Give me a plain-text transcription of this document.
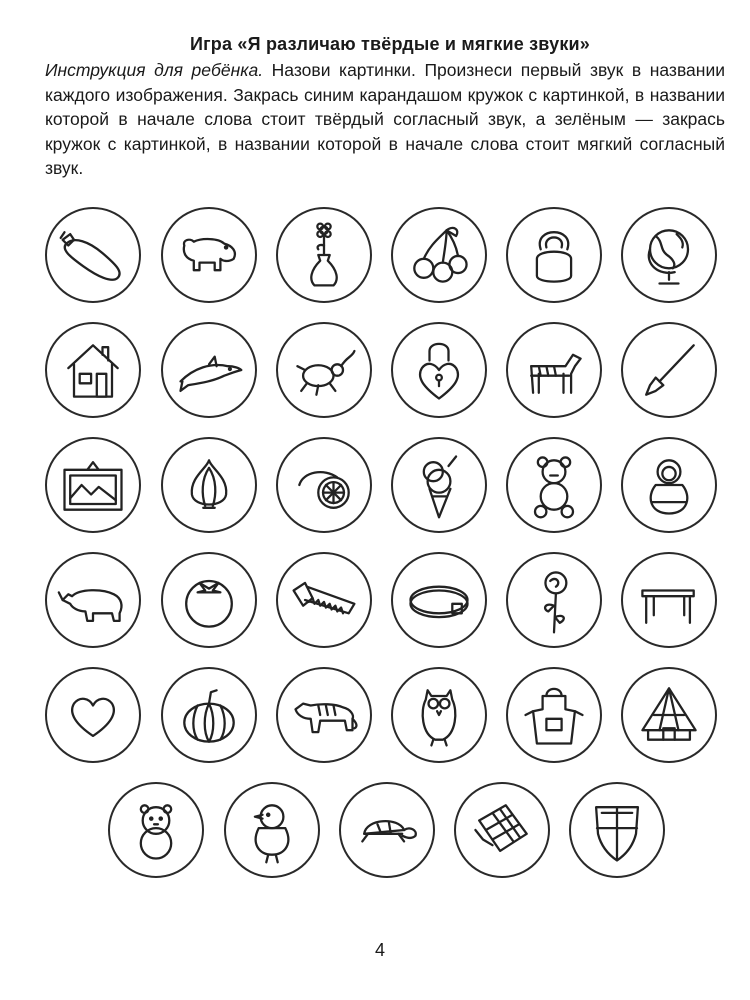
Игра «Я различаю твёрдые и мягкие звуки»
Инструкция для ребёнка. Назови картинки. Произнеси первый звук в названии каждого изображения. Закрась синим карандашом кружок с картинкой, в названии которой в начале слова стоит твёрдый согласный звук, а зелёным — закрась кружок с картинкой, в названии которой в начале слова стоит мягкий согласный звук.
4
